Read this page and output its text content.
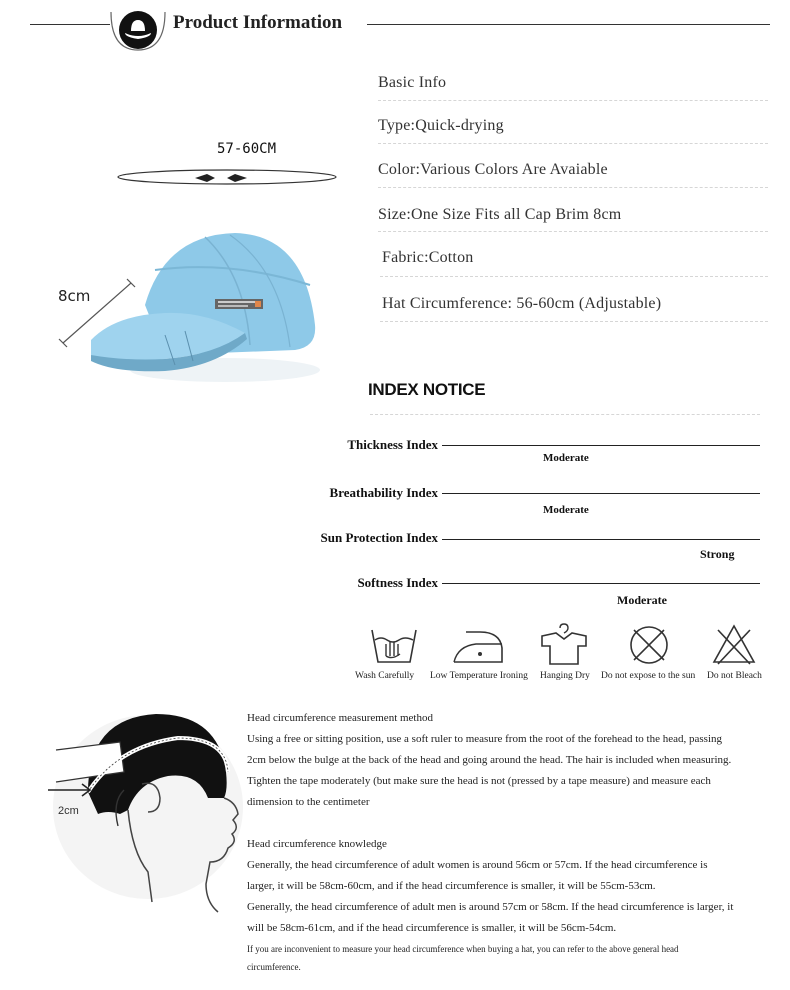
Product Information
57-60CM
8cm
Basic Info
Type:Quick-drying
Color:Various Colors Are Avaiable
Size:One Size Fits all Cap Brim 8cm
Fabric:Cotton
Hat Circumference: 56-60cm (Adjustable)
INDEX NOTICE
Thickness Index
Moderate
Breathability Index
Moderate
Sun Protection Index
Strong
Softness Index
Moderate
Wash Carefully Low Temperature Ironing Hanging Dry Do not expose to the sun Do not Bleach
2cm
Head circumference measurement method
Using a free or sitting position, use a soft ruler to measure from the root of the forehead to the head, passing
2cm below the bulge at the back of the head and going around the head. The hair is included when measuring.
Tighten the tape moderately (but make sure the head is not (pressed by a tape measure) and measure each
dimension to the centimeter
Head circumference knowledge
Generally, the head circumference of adult women is around 56cm or 57cm. If the head circumference is
larger, it will be 58cm-60cm, and if the head circumference is smaller, it will be 55cm-53cm.
Generally, the head circumference of adult men is around 57cm or 58cm. If the head circumference is larger, it
will be 58cm-61cm, and if the head circumference is smaller, it will be 56cm-54cm.
If you are inconvenient to measure your head circumference when buying a hat, you can refer to the above general head
circumference.
